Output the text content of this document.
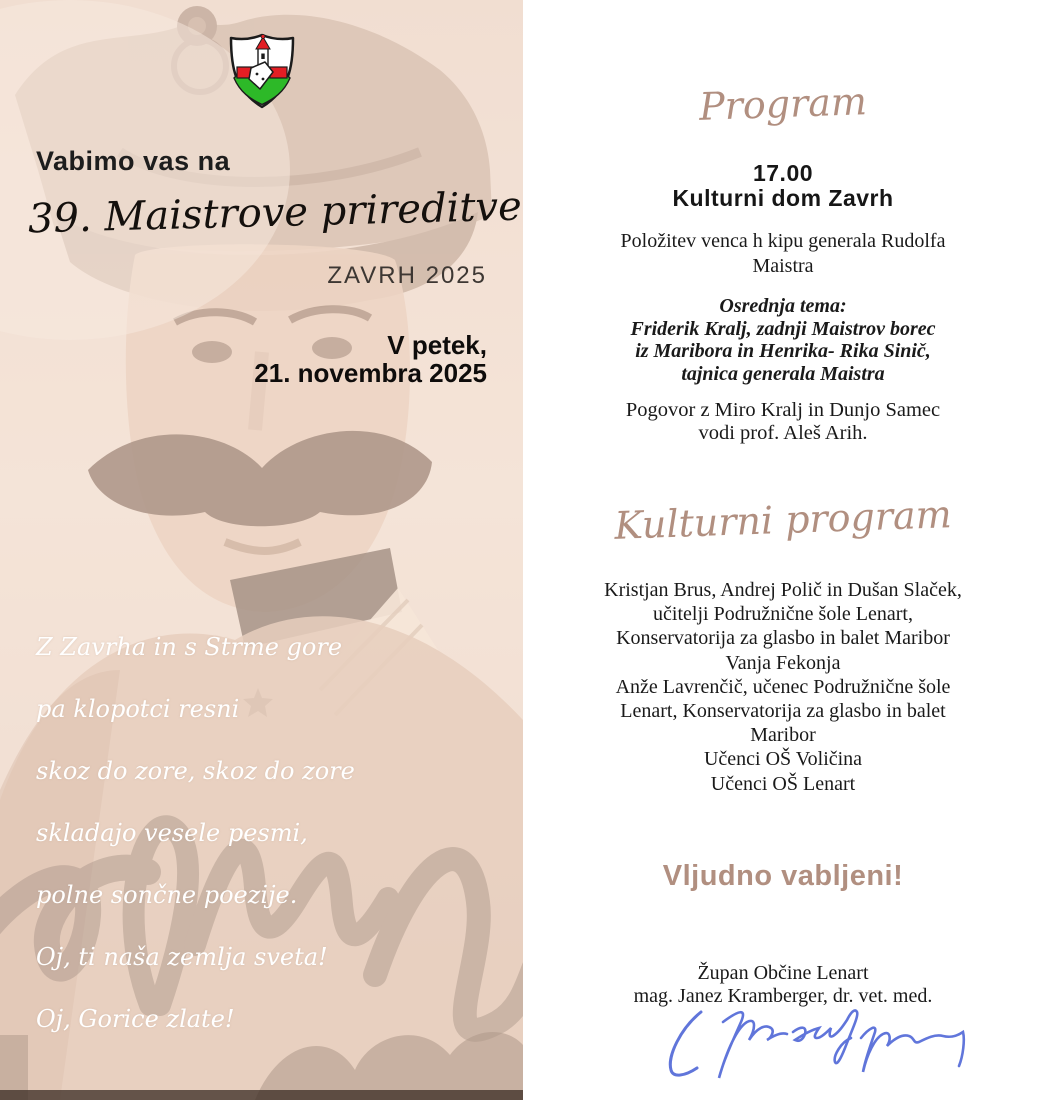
Vabimo vas na
39. Maistrove prireditve
ZAVRH 2025
V petek,
21. novembra 2025
Z Zavrha in s Strme gore
pa klopotci resni
skoz do zore, skoz do zore
skladajo vesele pesmi,
polne sončne poezije.
Oj, ti naša zemlja sveta!
Oj, Gorice zlate!
Program
17.00
Kulturni dom Zavrh
Položitev venca h kipu generala Rudolfa Maistra
Osrednja tema:
Friderik Kralj, zadnji Maistrov borec
iz Maribora in Henrika- Rika Sinič,
tajnica generala Maistra
Pogovor z Miro Kralj in Dunjo Samec
vodi prof. Aleš Arih.
Kulturni program
Kristjan Brus, Andrej Polič in Dušan Slaček,
učitelji Podružnične šole Lenart,
Konservatorija za glasbo in balet Maribor
Vanja Fekonja
Anže Lavrenčič, učenec Podružnične šole
Lenart, Konservatorija za glasbo in balet
Maribor
Učenci OŠ Voličina
Učenci OŠ Lenart
Vljudno vabljeni!
Župan Občine Lenart
mag. Janez Kramberger, dr. vet. med.
